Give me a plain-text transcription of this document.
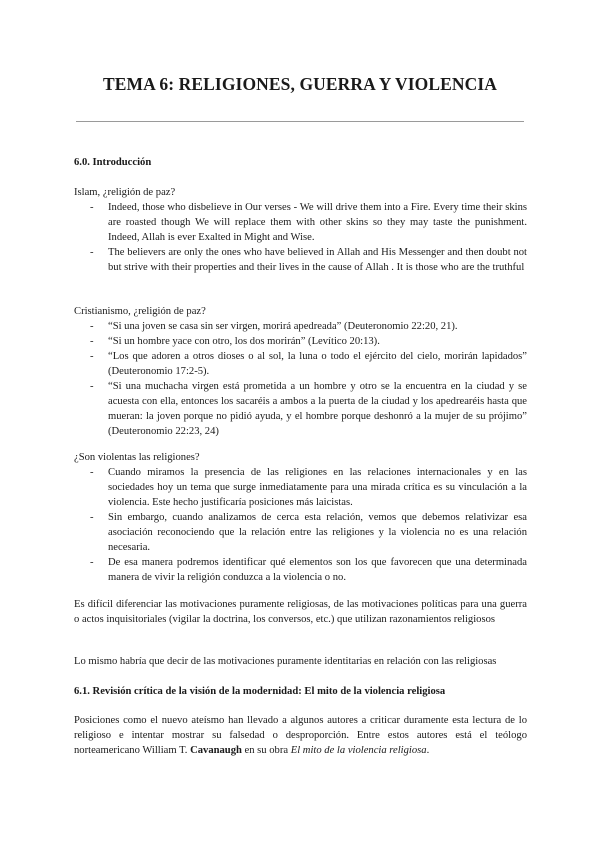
TEMA 6: RELIGIONES, GUERRA Y VIOLENCIA
6.0. Introducción
Islam, ¿religión de paz?
- Indeed, those who disbelieve in Our verses - We will drive them into a Fire. Every time their skins are roasted though We will replace them with other skins so they may taste the punishment. Indeed, Allah is ever Exalted in Might and Wise.
- The believers are only the ones who have believed in Allah and His Messenger and then doubt not but strive with their properties and their lives in the cause of Allah . It is those who are the truthful
Cristianismo, ¿religión de paz?
- “Si una joven se casa sin ser virgen, morirá apedreada” (Deuteronomio 22:20, 21).
- “Si un hombre yace con otro, los dos morirán” (Levítico 20:13).
- “Los que adoren a otros dioses o al sol, la luna o todo el ejército del cielo, morirán lapidados” (Deuteronomio 17:2-5).
- “Si una muchacha virgen está prometida a un hombre y otro se la encuentra en la ciudad y se acuesta con ella, entonces los sacaréis a ambos a la puerta de la ciudad y los apedrearéis hasta que mueran: la joven porque no pidió ayuda, y el hombre porque deshonró a la mujer de su prójimo” (Deuteronomio 22:23, 24)
¿Son violentas las religiones?
- Cuando miramos la presencia de las religiones en las relaciones internacionales y en las sociedades hoy un tema que surge inmediatamente para una mirada crítica es su vinculación a la violencia. Este hecho justificaría posiciones más laicistas.
- Sin embargo, cuando analizamos de cerca esta relación, vemos que debemos relativizar esa asociación reconociendo que la relación entre las religiones y la violencia no es una relación necesaria.
- De esa manera podremos identificar qué elementos son los que favorecen que una determinada manera de vivir la religión conduzca a la violencia o no.
Es difícil diferenciar las motivaciones puramente religiosas, de las motivaciones políticas para una guerra o actos inquisitoriales (vigilar la doctrina, los conversos, etc.) que utilizan razonamientos religiosos
Lo mismo habría que decir de las motivaciones puramente identitarias en relación con las religiosas
6.1. Revisión crítica de la visión de la modernidad: El mito de la violencia religiosa
Posiciones como el nuevo ateísmo han llevado a algunos autores a criticar duramente esta lectura de lo religioso e intentar mostrar su falsedad o desproporción. Entre estos autores está el teólogo norteamericano William T. Cavanaugh en su obra El mito de la violencia religiosa.
